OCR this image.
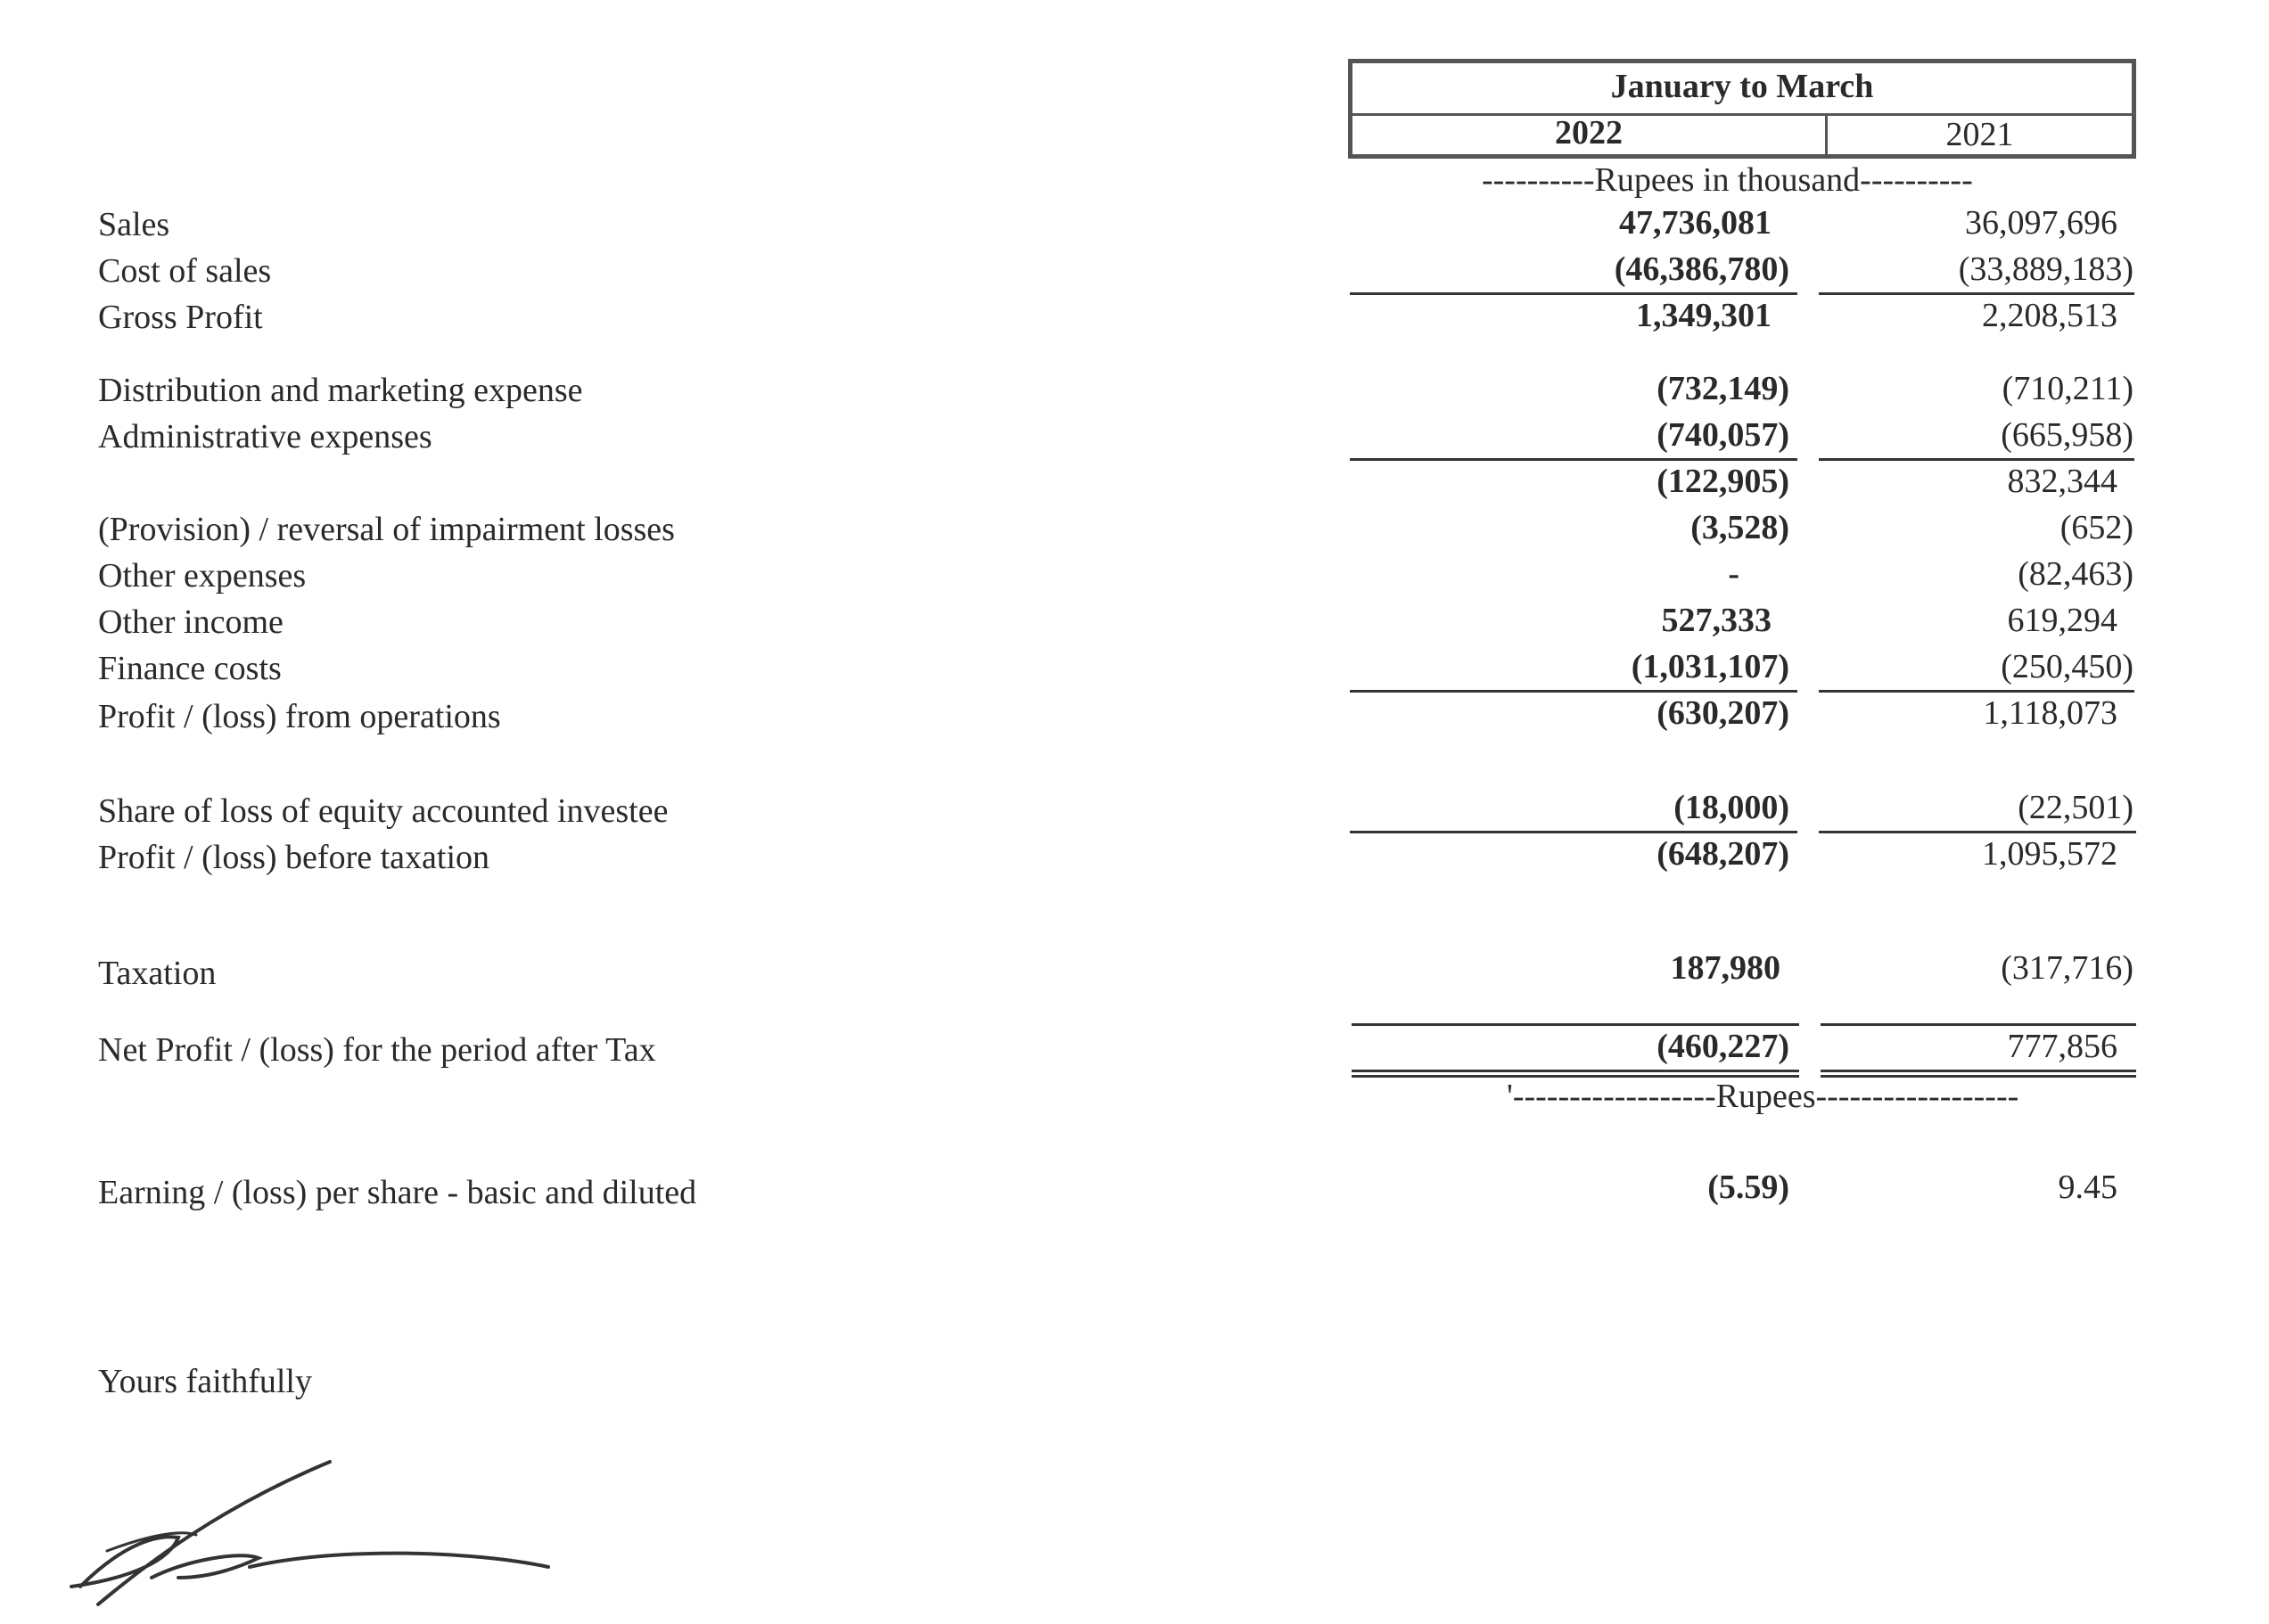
January to March
2022	2021
----------Rupees in thousand----------
Sales	47,736,081	36,097,696
Cost of sales	(46,386,780)	(33,889,183)
Gross Profit	1,349,301	2,208,513
Distribution and marketing expense	(732,149)	(710,211)
Administrative expenses	(740,057)	(665,958)
(122,905)	832,344
(Provision) / reversal of impairment losses	(3,528)	(652)
Other expenses	-	(82,463)
Other income	527,333	619,294
Finance costs	(1,031,107)	(250,450)
Profit / (loss) from operations	(630,207)	1,118,073
Share of loss of equity accounted investee	(18,000)	(22,501)
Profit / (loss) before taxation	(648,207)	1,095,572
Taxation	187,980	(317,716)
Net Profit / (loss) for the period after Tax	(460,227)	777,856
'------------------Rupees------------------
Earning / (loss) per share - basic and diluted	(5.59)	9.45
Yours faithfully
